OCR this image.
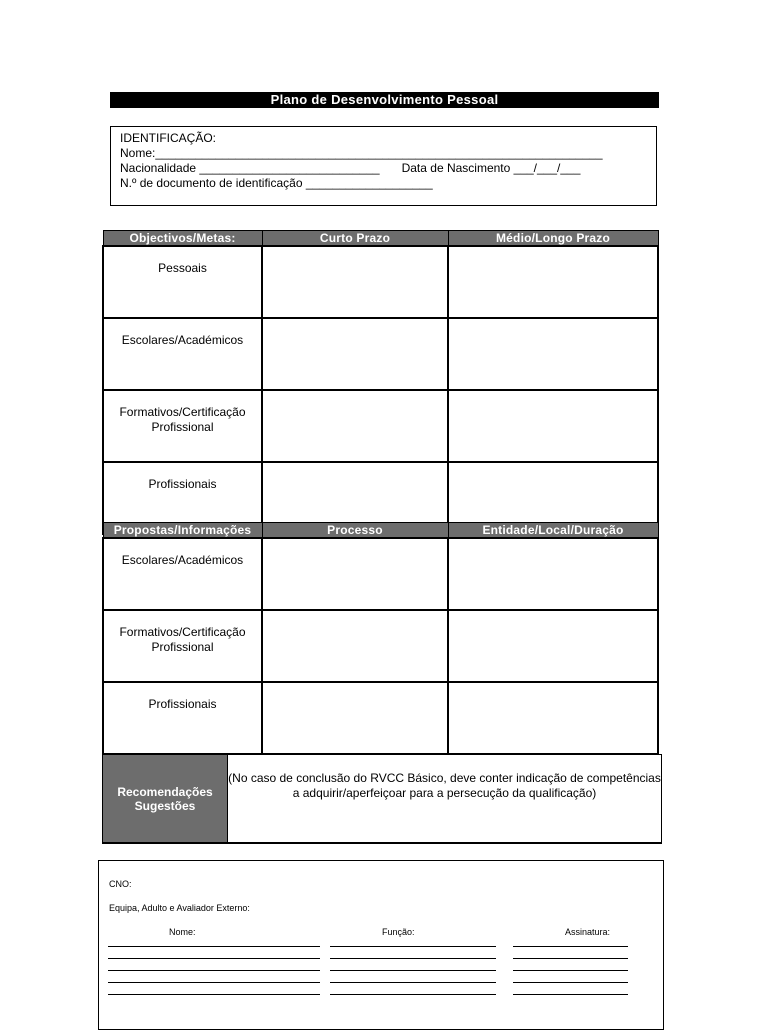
Plano de Desenvolvimento Pessoal
IDENTIFICAÇÃO:
Nome:___________________________________________________________________
Nacionalidade ___________________________ Data de Nascimento ___/___/___
N.º de documento de identificação ___________________
Objectivos/Metas:	Curto Prazo	Médio/Longo Prazo
Pessoais		
Escolares/Académicos		
Formativos/Certificação Profissional		
Profissionais		
Propostas/Informações	Processo	Entidade/Local/Duração
Escolares/Académicos		
Formativos/Certificação Profissional		
Profissionais		
Recomendações
Sugestões
(No caso de conclusão do RVCC Básico, deve conter indicação de competências a adquirir/aperfeiçoar para a persecução da qualificação)
CNO:
Equipa, Adulto e Avaliador Externo:
Nome:	Função:	Assinatura:
